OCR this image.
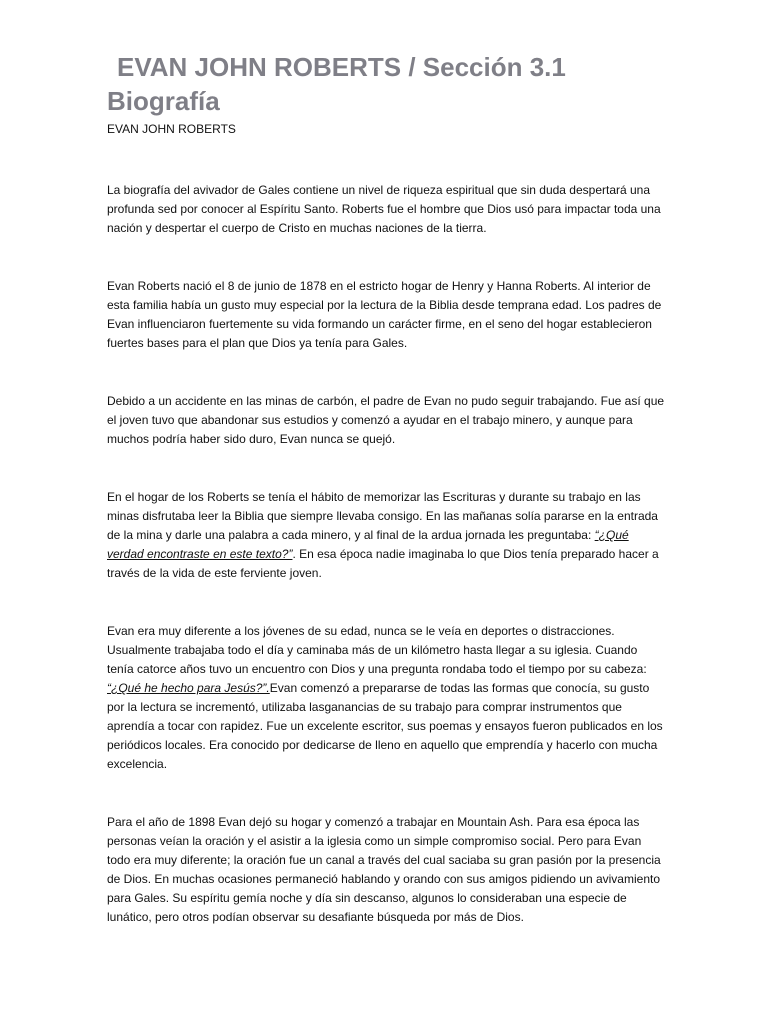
EVAN JOHN ROBERTS / Sección 3.1
Biografía

EVAN JOHN ROBERTS

La biografía del avivador de Gales contiene un nivel de riqueza espiritual que sin duda despertará una profunda sed por conocer al Espíritu Santo. Roberts fue el hombre que Dios usó para impactar toda una nación y despertar el cuerpo de Cristo en muchas naciones de la tierra.

Evan Roberts nació el 8 de junio de 1878 en el estricto hogar de Henry y Hanna Roberts. Al interior de esta familia había un gusto muy especial por la lectura de la Biblia desde temprana edad. Los padres de Evan influenciaron fuertemente su vida formando un carácter firme, en el seno del hogar establecieron fuertes bases para el plan que Dios ya tenía para Gales.

Debido a un accidente en las minas de carbón, el padre de Evan no pudo seguir trabajando. Fue así que el joven tuvo que abandonar sus estudios y comenzó a ayudar en el trabajo minero, y aunque para muchos podría haber sido duro, Evan nunca se quejó.

En el hogar de los Roberts se tenía el hábito de memorizar las Escrituras y durante su trabajo en las minas disfrutaba leer la Biblia que siempre llevaba consigo. En las mañanas solía pararse en la entrada de la mina y darle una palabra a cada minero, y al final de la ardua jornada les preguntaba: “¿Qué verdad encontraste en este texto?”. En esa época nadie imaginaba lo que Dios tenía preparado hacer a través de la vida de este ferviente joven.

Evan era muy diferente a los jóvenes de su edad, nunca se le veía en deportes o distracciones. Usualmente trabajaba todo el día y caminaba más de un kilómetro hasta llegar a su iglesia. Cuando tenía catorce años tuvo un encuentro con Dios y una pregunta rondaba todo el tiempo por su cabeza: “¿Qué he hecho para Jesús?”.Evan comenzó a prepararse de todas las formas que conocía, su gusto por la lectura se incrementó, utilizaba lasganancias de su trabajo para comprar instrumentos que aprendía a tocar con rapidez. Fue un excelente escritor, sus poemas y ensayos fueron publicados en los periódicos locales. Era conocido por dedicarse de lleno en aquello que emprendía y hacerlo con mucha excelencia.

Para el año de 1898 Evan dejó su hogar y comenzó a trabajar en Mountain Ash. Para esa época las personas veían la oración y el asistir a la iglesia como un simple compromiso social. Pero para Evan todo era muy diferente; la oración fue un canal a través del cual saciaba su gran pasión por la presencia de Dios. En muchas ocasiones permaneció hablando y orando con sus amigos pidiendo un avivamiento para Gales. Su espíritu gemía noche y día sin descanso, algunos lo consideraban una especie de lunático, pero otros podían observar su desafiante búsqueda por más de Dios.
